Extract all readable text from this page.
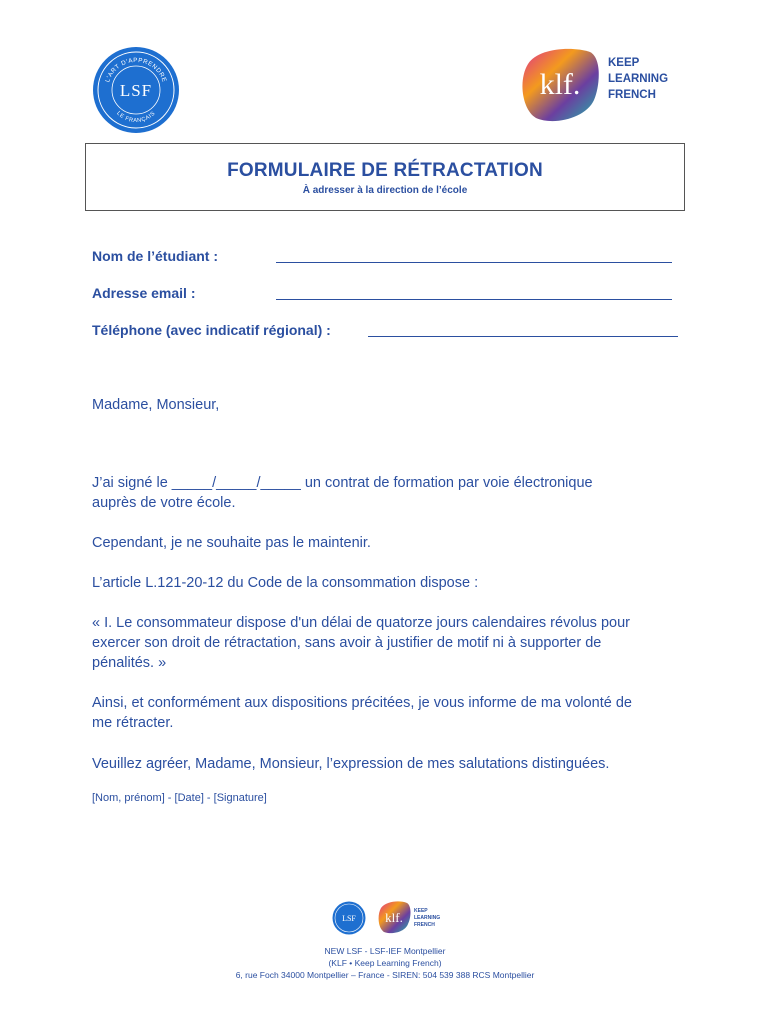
L'ART D'APPRENDRE
LE FRANÇAIS
LSF	klf.
KEEP
LEARNING
FRENCH
FORMULAIRE DE RÉTRACTATION
À adresser à la direction de l’école
Nom de l’étudiant :
Adresse email :
Téléphone (avec indicatif régional) :
Madame, Monsieur,
J’ai signé le _____/_____/_____ un contrat de formation par voie électronique
auprès de votre école.
Cependant, je ne souhaite pas le maintenir.
L’article L.121-20-12 du Code de la consommation dispose :
« I. Le consommateur dispose d'un délai de quatorze jours calendaires révolus pour
exercer son droit de rétractation, sans avoir à justifier de motif ni à supporter de
pénalités. »
Ainsi, et conformément aux dispositions précitées, je vous informe de ma volonté de
me rétracter.
Veuillez agréer, Madame, Monsieur, l’expression de mes salutations distinguées.
[Nom, prénom] - [Date] - [Signature]
LSF klf. KEEP
LEARNING
FRENCH
NEW LSF - LSF-IEF Montpellier
(KLF • Keep Learning French)
6, rue Foch 34000 Montpellier – France - SIREN: 504 539 388 RCS Montpellier
